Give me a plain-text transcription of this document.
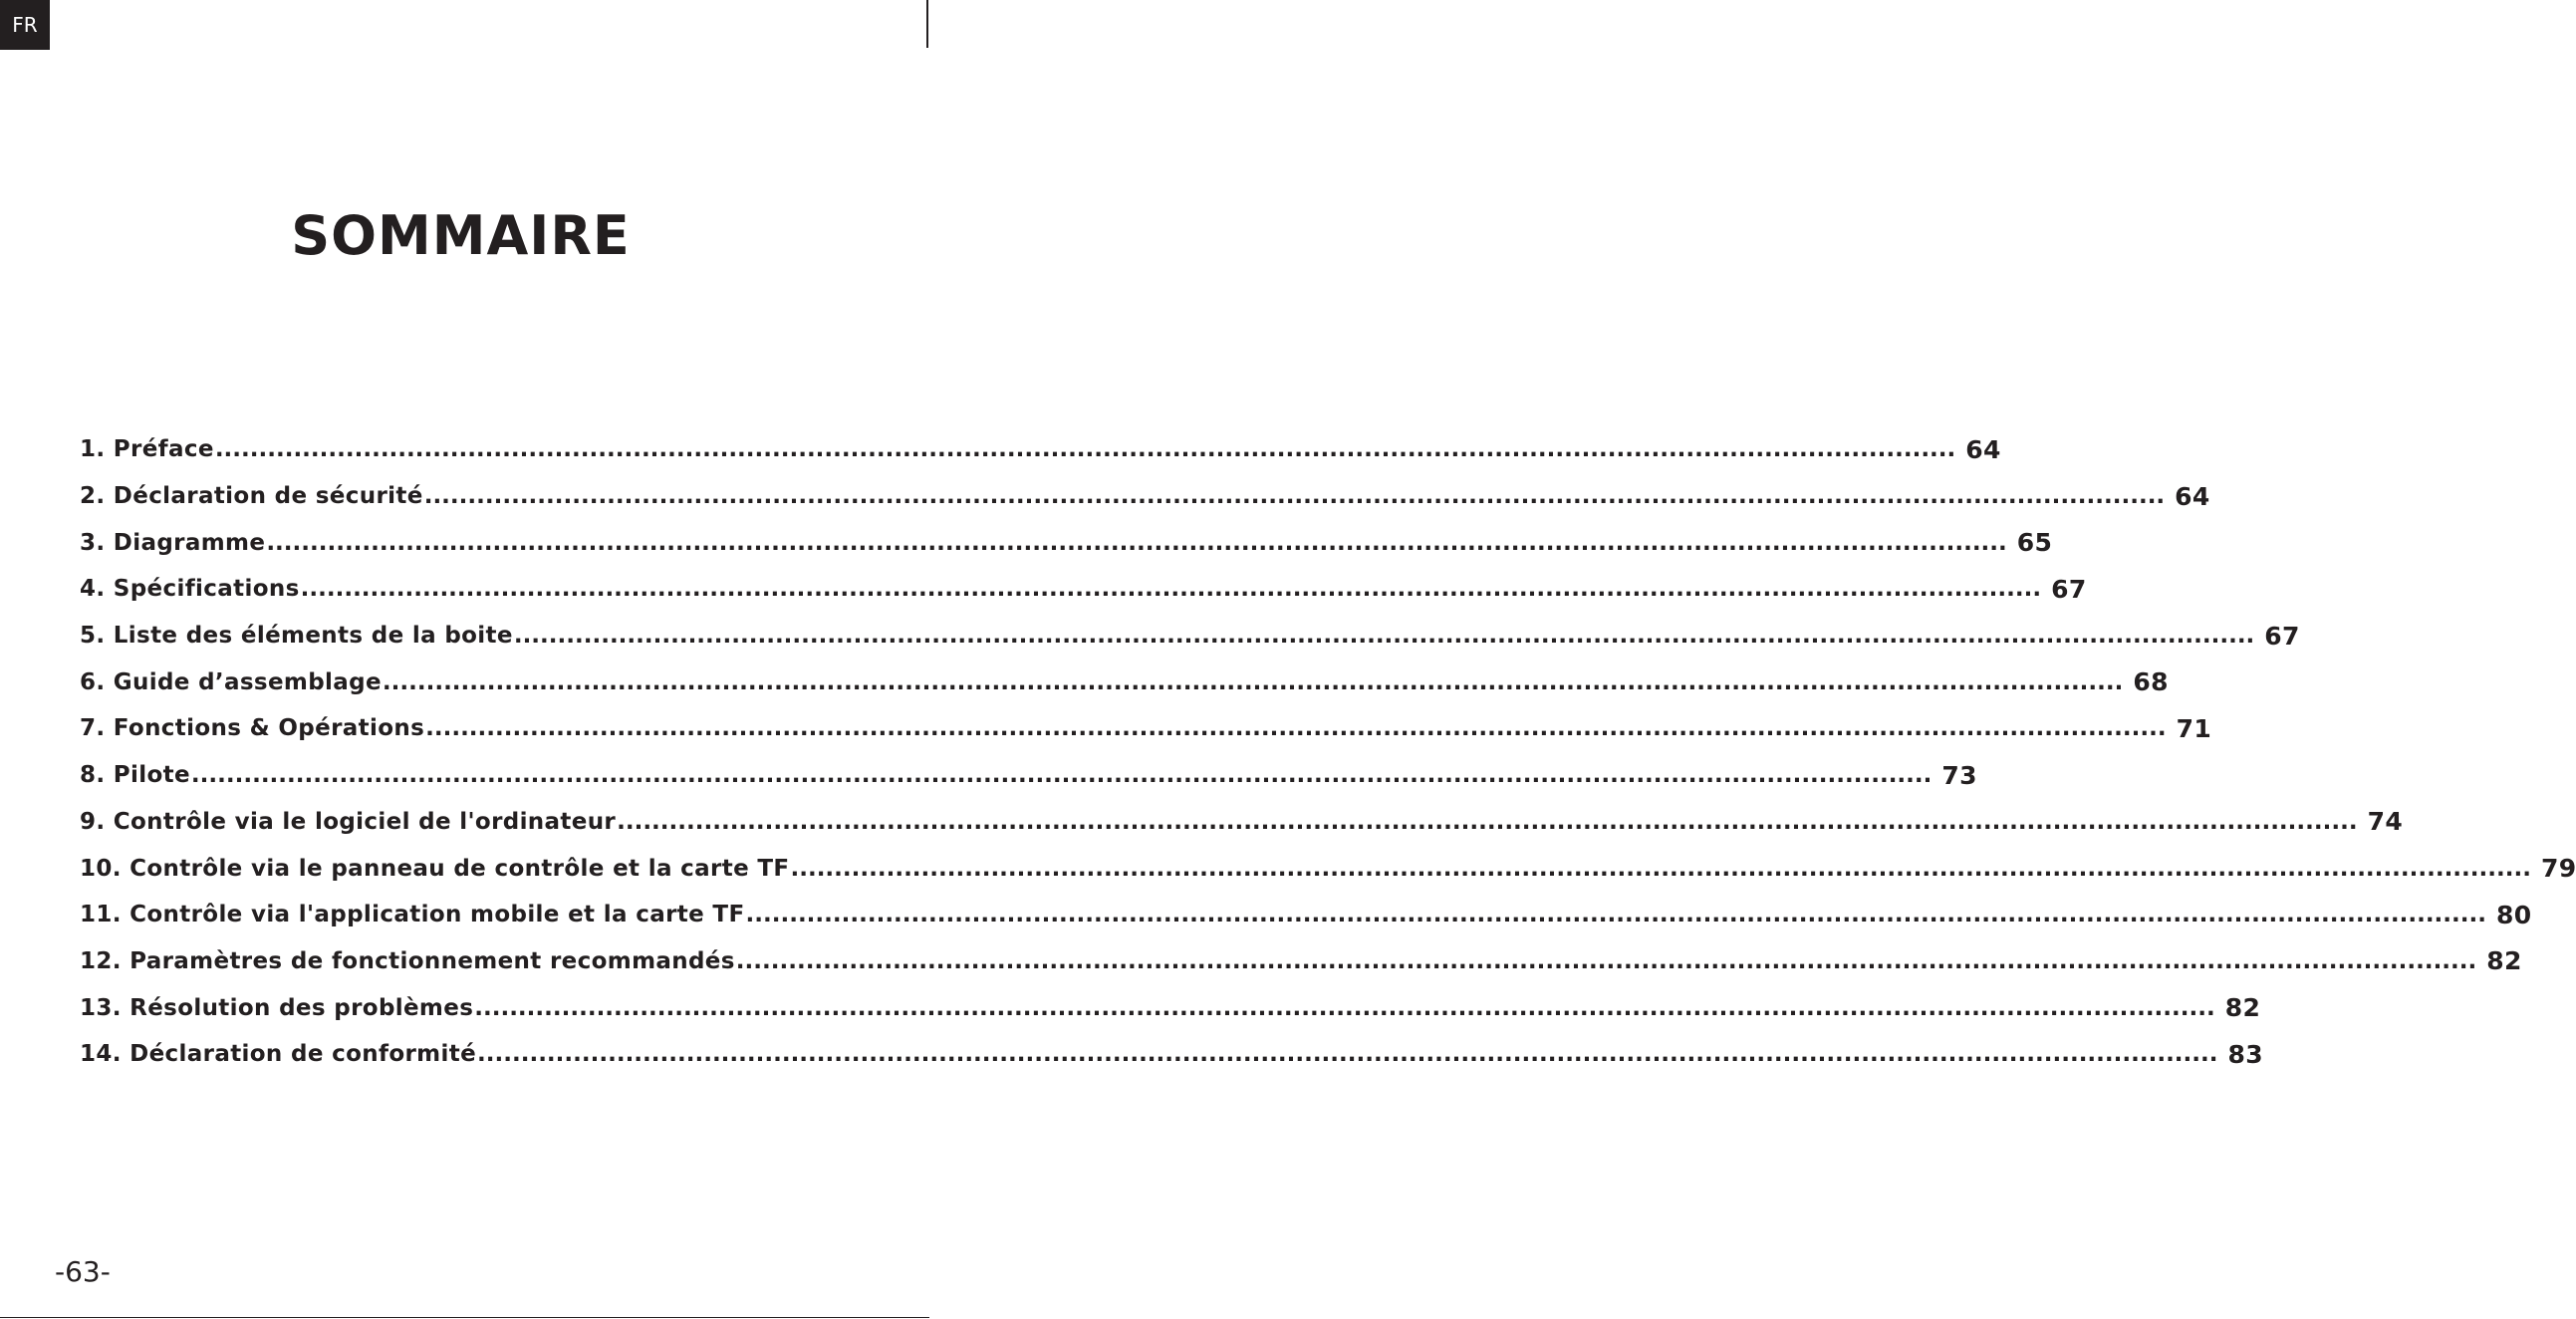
FR
SOMMAIRE
1. Préface ........................................................................................................................................................................................................ 64
2. Déclaration de sécurité ........................................................................................................................................................................................................ 64
3. Diagramme ........................................................................................................................................................................................................ 65
4. Spécifications ........................................................................................................................................................................................................ 67
5. Liste des éléments de la boite ........................................................................................................................................................................................................ 67
6. Guide d’assemblage ........................................................................................................................................................................................................ 68
7. Fonctions & Opérations ........................................................................................................................................................................................................ 71
8. Pilote ........................................................................................................................................................................................................ 73
9. Contrôle via le logiciel de l'ordinateur ........................................................................................................................................................................................................ 74
10. Contrôle via le panneau de contrôle et la carte TF ........................................................................................................................................................................................................ 79
11. Contrôle via l'application mobile et la carte TF ........................................................................................................................................................................................................ 80
12. Paramètres de fonctionnement recommandés ........................................................................................................................................................................................................ 82
13. Résolution des problèmes ........................................................................................................................................................................................................ 82
14. Déclaration de conformité ........................................................................................................................................................................................................ 83
-63-
